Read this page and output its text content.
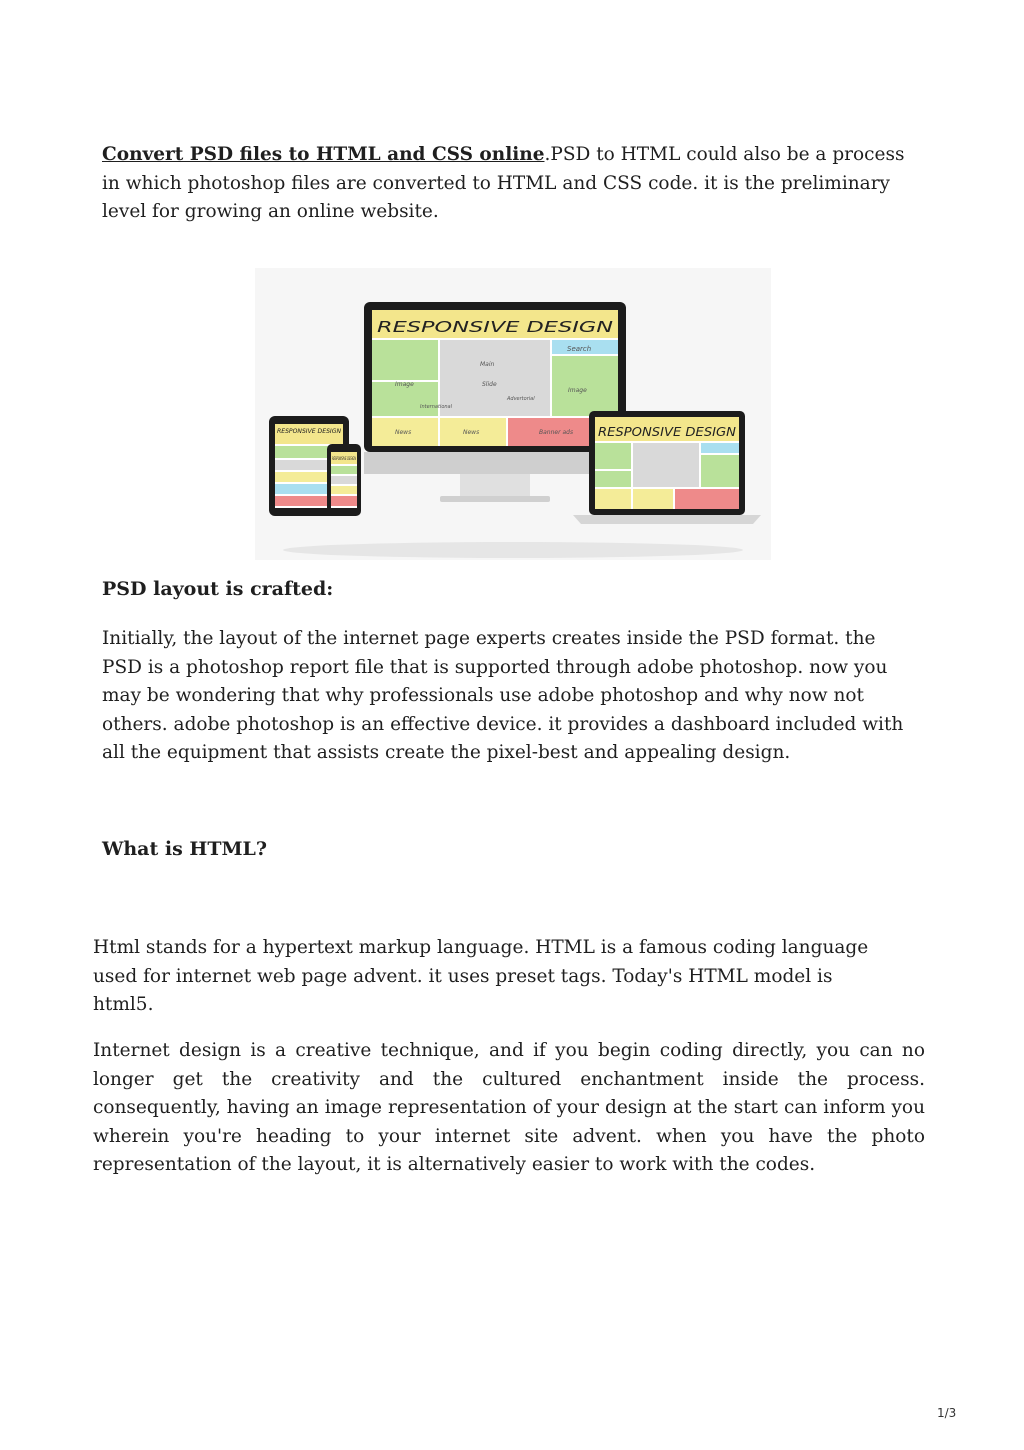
Convert PSD files to HTML and CSS online.PSD to HTML could also be a process in which photoshop files are converted to HTML and CSS code. it is the preliminary level for growing an online website.

RESPONSIVE DESIGN
Search
Main
Image	Slide
Image
Advertorial
International
News	News	Banner ads RESPONSIVE DESIGN
RESPONSIVE DESIGN
RESPONSIVE DESIGN
PSD layout is crafted:

Initially, the layout of the internet page experts creates inside the PSD format. the PSD is a photoshop report file that is supported through adobe photoshop. now you may be wondering that why professionals use adobe photoshop and why now not others. adobe photoshop is an effective device. it provides a dashboard included with all the equipment that assists create the pixel-best and appealing design.

What is HTML?

Html stands for a hypertext markup language. HTML is a famous coding language used for internet web page advent. it uses preset tags. Today's HTML model is html5.

Internet design is a creative technique, and if you begin coding directly, you can no longer get the creativity and the cultured enchantment inside the process. consequently, having an image representation of your design at the start can inform you wherein you're heading to your internet site advent. when you have the photo representation of the layout, it is alternatively easier to work with the codes.

1/3
